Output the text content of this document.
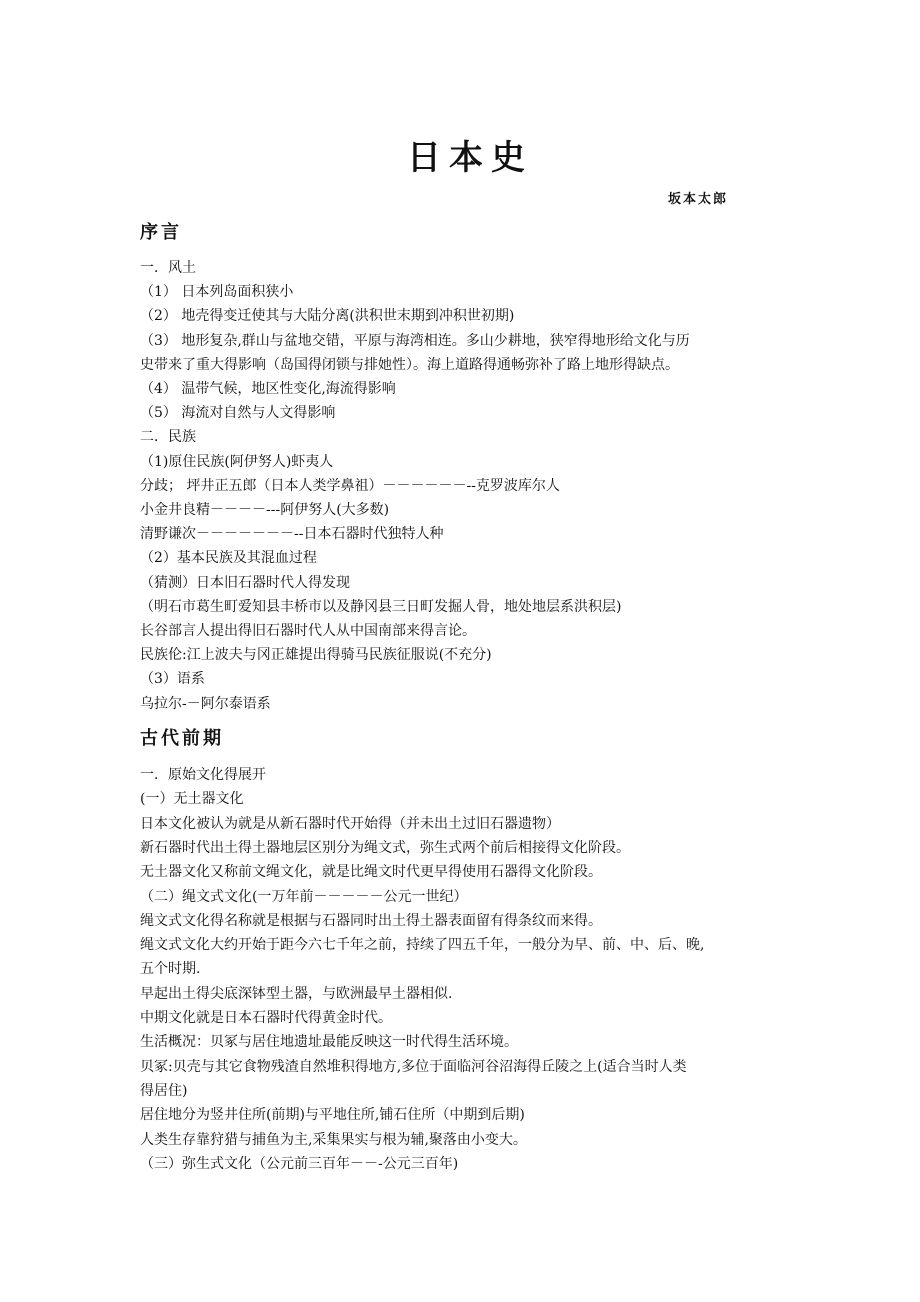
日本史
坂本太郎
序言
一．风土
（1） 日本列岛面积狭小
（2） 地壳得变迁使其与大陆分离(洪积世末期到冲积世初期)
（3） 地形复杂,群山与盆地交错，平原与海湾相连。多山少耕地，狭窄得地形给文化与历
史带来了重大得影响（岛国得闭锁与排她性）。海上道路得通畅弥补了路上地形得缺点。
（4） 温带气候，地区性变化,海流得影响
（5） 海流对自然与人文得影响
二．民族
（1)原住民族(阿伊努人)虾夷人
分歧； 坪井正五郎（日本人类学鼻祖）－－－－－－--克罗波库尔人
小金井良精－－－－---阿伊努人(大多数)
清野谦次－－－－－－－--日本石器时代独特人种
（2）基本民族及其混血过程
（猜测）日本旧石器时代人得发现
（明石市葛生町爱知县丰桥市以及静冈县三日町发掘人骨，地处地层系洪积层)
长谷部言人提出得旧石器时代人从中国南部来得言论。
民族伦:江上波夫与冈正雄提出得骑马民族征服说(不充分)
（3）语系
乌拉尔-－阿尔泰语系
古代前期
一．原始文化得展开
(一）无土器文化
日本文化被认为就是从新石器时代开始得（并未出土过旧石器遗物）
新石器时代出土得土器地层区别分为绳文式，弥生式两个前后相接得文化阶段。
无土器文化又称前文绳文化，就是比绳文时代更早得使用石器得文化阶段。
（二）绳文式文化(一万年前－－－－－公元一世纪）
绳文式文化得名称就是根据与石器同时出土得土器表面留有得条纹而来得。
绳文式文化大约开始于距今六七千年之前，持续了四五千年，一般分为早、前、中、后、晚,
五个时期.
早起出土得尖底深钵型土器，与欧洲最早土器相似.
中期文化就是日本石器时代得黄金时代。
生活概况：贝冢与居住地遗址最能反映这一时代得生活环境。
贝冢:贝壳与其它食物残渣自然堆积得地方,多位于面临河谷沼海得丘陵之上(适合当时人类
得居住)
居住地分为竖井住所(前期)与平地住所,铺石住所（中期到后期)
人类生存靠狩猎与捕鱼为主,采集果实与根为辅,聚落由小变大。
（三）弥生式文化（公元前三百年－－-公元三百年)
